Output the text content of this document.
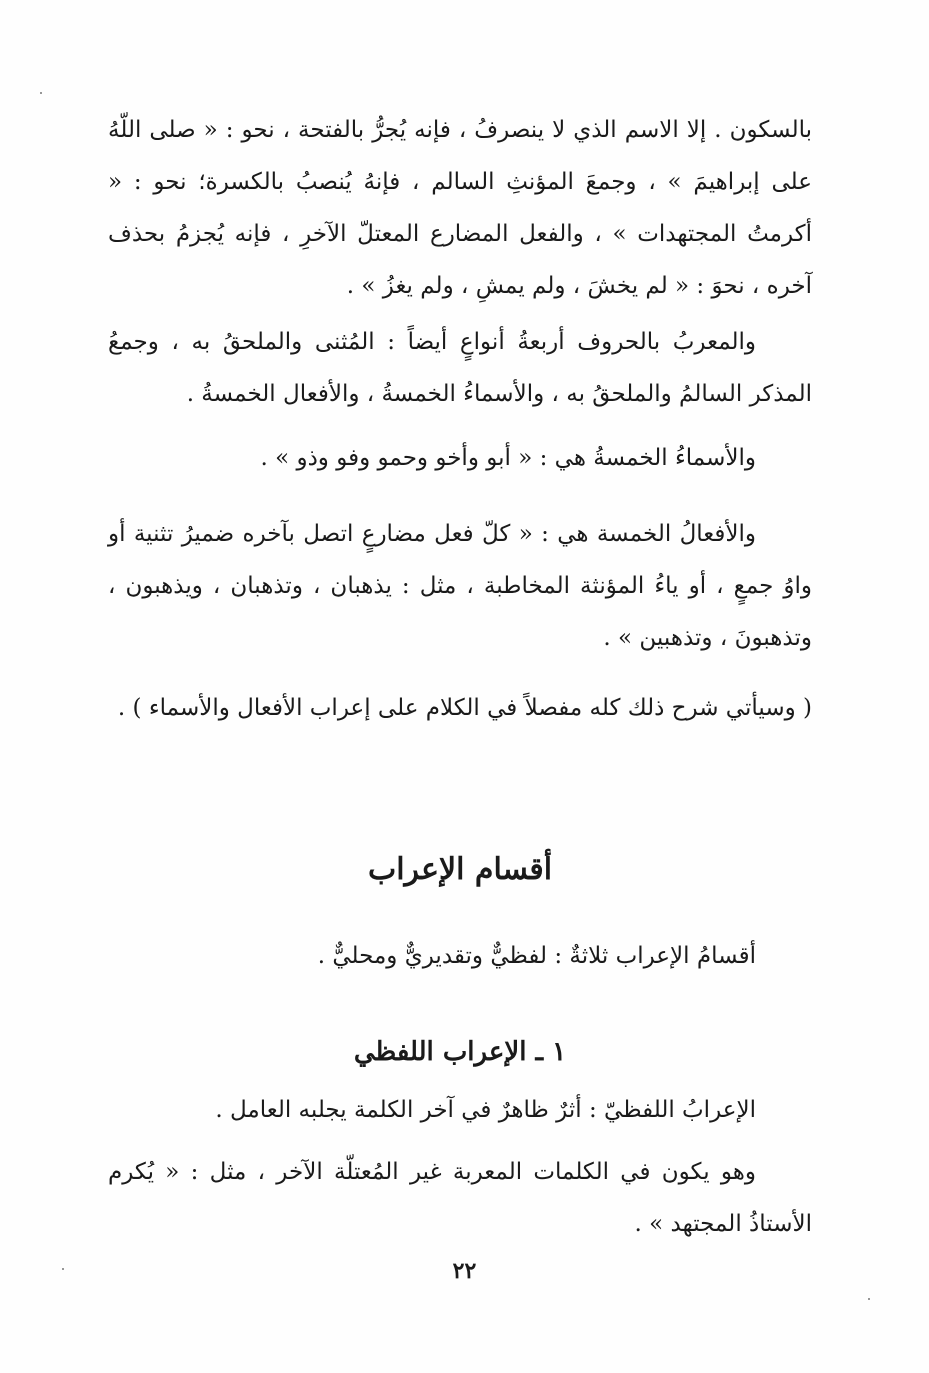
بالسكون . إلا الاسم الذي لا ينصرفُ ، فإنه يُجرُّ بالفتحة ، نحو : « صلى اللّهُ على إبراهيمَ » ، وجمعَ المؤنثِ السالم ، فإنهُ يُنصبُ بالكسرة؛ نحو : « أكرمتُ المجتهدات » ، والفعل المضارع المعتلّ الآخرِ ، فإنه يُجزمُ بحذف آخره ، نحوَ : « لم يخشَ ، ولم يمشِ ، ولم يغزُ » .

والمعربُ بالحروف أربعةُ أنواعٍ أيضاً : المُثنى والملحقُ به ، وجمعُ المذكر السالمُ والملحقُ به ، والأسماءُ الخمسةُ ، والأفعال الخمسةُ .

والأسماءُ الخمسةُ هي : « أبو وأخو وحمو وفو وذو » .

والأفعالُ الخمسة هي : « كلّ فعل مضارعٍ اتصل بآخره ضميرُ تثنية أو واوُ جمعٍ ، أو ياءُ المؤنثة المخاطبة ، مثل : يذهبان ، وتذهبان ، ويذهبون ، وتذهبونَ ، وتذهبين » .

( وسيأتي شرح ذلك كله مفصلاً في الكلام على إعراب الأفعال والأسماء ) .

أقسام الإعراب

أقسامُ الإعراب ثلاثةٌ : لفظيٌّ وتقديريٌّ ومحليٌّ .

١ ـ الإعراب اللفظي

الإعرابُ اللفظيّ : أثرٌ ظاهرٌ في آخر الكلمة يجلبه العامل .

وهو يكون في الكلمات المعربة غير المُعتلّة الآخر ، مثل : « يُكرم الأستاذُ المجتهد » .

٢٢
